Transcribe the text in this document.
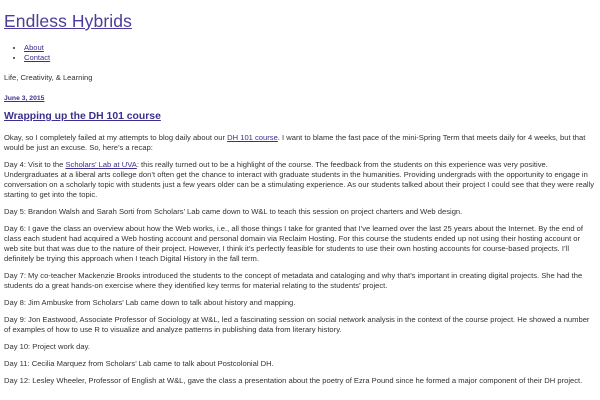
Endless Hybrids
• About
• Contact
Life, Creativity, & Learning
June 3, 2015
Wrapping up the DH 101 course

Okay, so I completely failed at my attempts to blog daily about our DH 101 course. I want to blame the fast pace of the mini-Spring Term that meets daily for 4 weeks, but that would be just an excuse. So, here’s a recap:

Day 4: Visit to the Scholars’ Lab at UVA: this really turned out to be a highlight of the course. The feedback from the students on this experience was very positive. Undergraduates at a liberal arts college don’t often get the chance to interact with graduate students in the humanities. Providing undergrads with the opportunity to engage in conversation on a scholarly topic with students just a few years older can be a stimulating experience. As our students talked about their project I could see that they were really starting to get into the topic.

Day 5: Brandon Walsh and Sarah Sorti from Scholars’ Lab came down to W&L to teach this session on project charters and Web design.

Day 6: I gave the class an overview about how the Web works, i.e., all those things I take for granted that I’ve learned over the last 25 years about the Internet. By the end of class each student had acquired a Web hosting account and personal domain via Reclaim Hosting. For this course the students ended up not using their hosting account or web site but that was due to the nature of their project. However, I think it’s perfectly feasible for students to use their own hosting accounts for course-based projects. I’ll definitely be trying this approach when I teach Digital History in the fall term.

Day 7: My co-teacher Mackenzie Brooks introduced the students to the concept of metadata and cataloging and why that’s important in creating digital projects. She had the students do a great hands-on exercise where they identified key terms for material relating to the students’ project.

Day 8: Jim Ambuske from Scholars’ Lab came down to talk about history and mapping.

Day 9: Jon Eastwood, Associate Professor of Sociology at W&L, led a fascinating session on social network analysis in the context of the course project. He showed a number of examples of how to use R to visualize and analyze patterns in publishing data from literary history.

Day 10: Project work day.

Day 11: Cecilia Marquez from Scholars’ Lab came to talk about Postcolonial DH.

Day 12: Lesley Wheeler, Professor of English at W&L, gave the class a presentation about the poetry of Ezra Pound since he formed a major component of their DH project.
